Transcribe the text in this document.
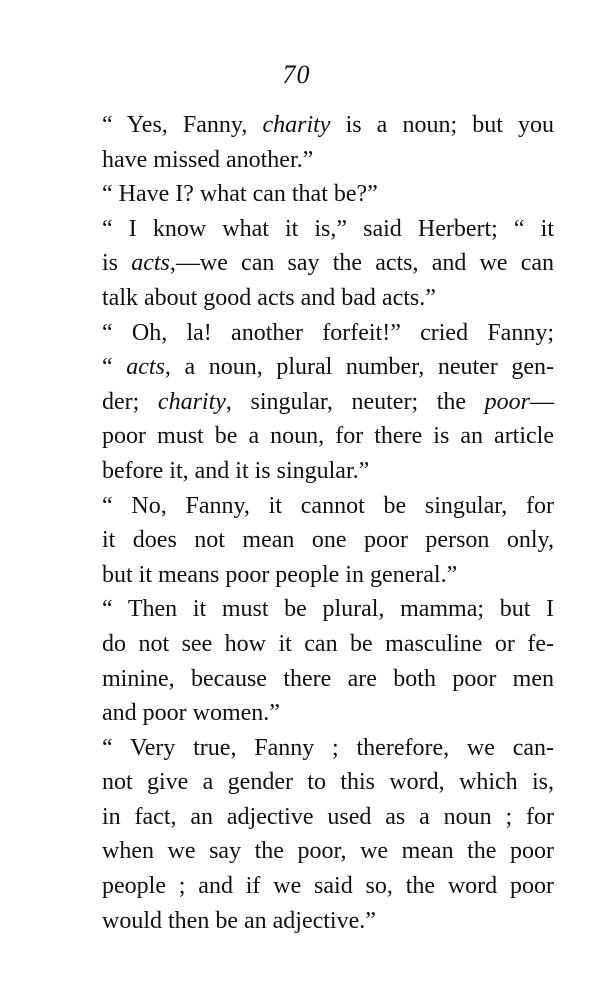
70

“ Yes, Fanny, charity is a noun; but you
have missed another.”

“ Have I? what can that be?”

“ I know what it is,” said Herbert; “ it
is acts,—we can say the acts, and we can
talk about good acts and bad acts.”

“ Oh, la! another forfeit!” cried Fanny;
“ acts, a noun, plural number, neuter gen-
der; charity, singular, neuter; the poor—
poor must be a noun, for there is an article
before it, and it is singular.”

“ No, Fanny, it cannot be singular, for
it does not mean one poor person only,
but it means poor people in general.”

“ Then it must be plural, mamma; but I
do not see how it can be masculine or fe-
minine, because there are both poor men
and poor women.”

“ Very true, Fanny ; therefore, we can-
not give a gender to this word, which is,
in fact, an adjective used as a noun ; for
when we say the poor, we mean the poor
people ; and if we said so, the word poor
would then be an adjective.”
